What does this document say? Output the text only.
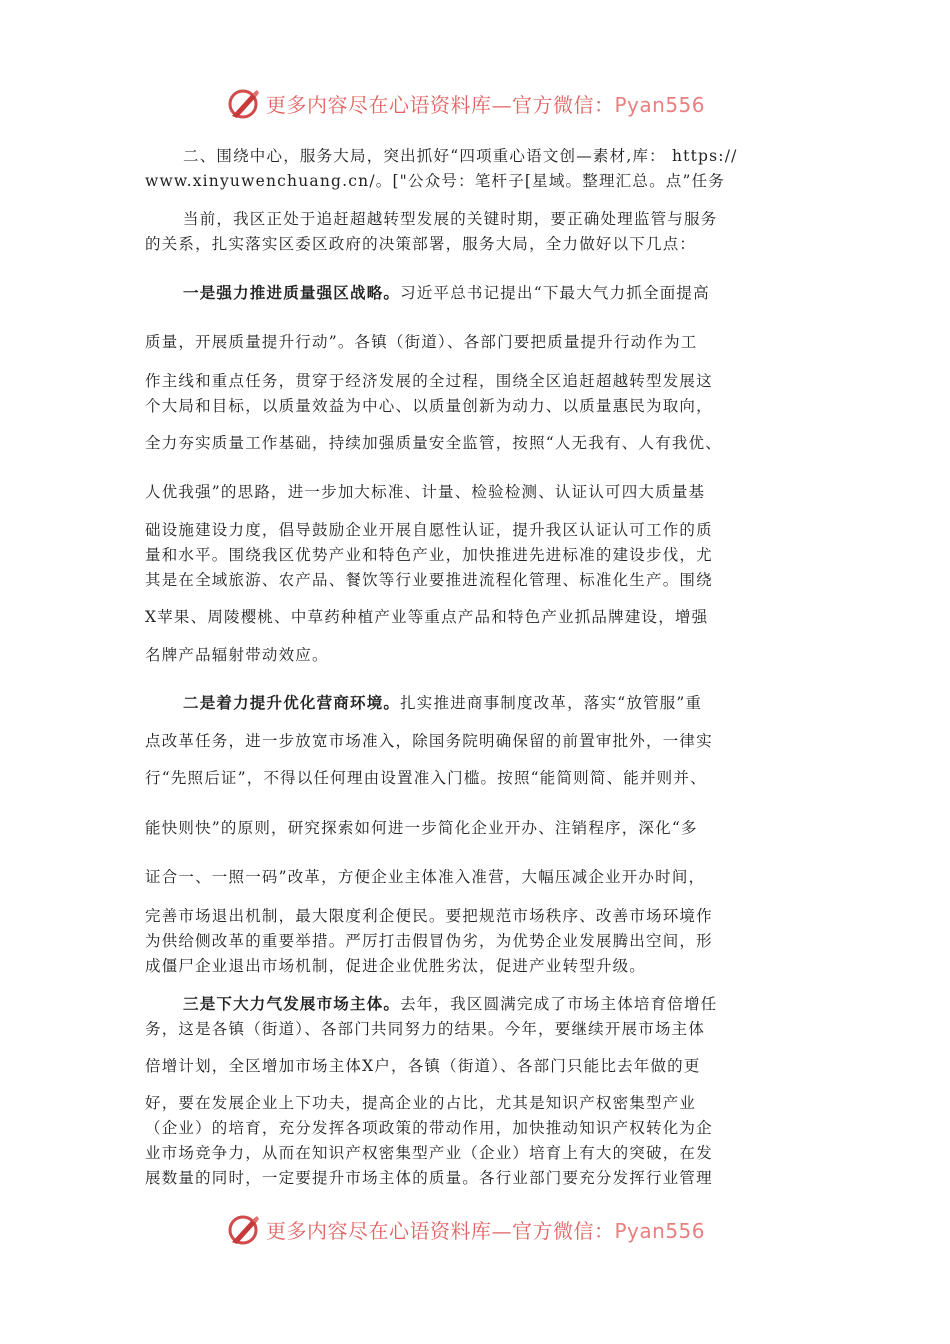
更多内容尽在心语资料库—官方微信：Pyan556
二、围绕中心，服务大局，突出抓好“四项重心语文创—素材,库： https://
www.xinyuwenchuang.cn/。["公众号：笔杆子[星域。整理汇总。点”任务
当前，我区正处于追赶超越转型发展的关键时期，要正确处理监管与服务
的关系，扎实落实区委区政府的决策部署，服务大局，全力做好以下几点：
一是强力推进质量强区战略。习近平总书记提出“下最大气力抓全面提高
质量，开展质量提升行动”。各镇（街道）、各部门要把质量提升行动作为工
作主线和重点任务，贯穿于经济发展的全过程，围绕全区追赶超越转型发展这
个大局和目标，以质量效益为中心、以质量创新为动力、以质量惠民为取向，
全力夯实质量工作基础，持续加强质量安全监管，按照“人无我有、人有我优、
人优我强”的思路，进一步加大标准、计量、检验检测、认证认可四大质量基
础设施建设力度，倡导鼓励企业开展自愿性认证，提升我区认证认可工作的质
量和水平。围绕我区优势产业和特色产业，加快推进先进标准的建设步伐，尤
其是在全域旅游、农产品、餐饮等行业要推进流程化管理、标准化生产。围绕
X苹果、周陵樱桃、中草药种植产业等重点产品和特色产业抓品牌建设，增强
名牌产品辐射带动效应。
二是着力提升优化营商环境。扎实推进商事制度改革，落实“放管服”重
点改革任务，进一步放宽市场准入，除国务院明确保留的前置审批外，一律实
行“先照后证”，不得以任何理由设置准入门槛。按照“能简则简、能并则并、
能快则快”的原则，研究探索如何进一步简化企业开办、注销程序，深化“多
证合一、一照一码”改革，方便企业主体准入准营，大幅压减企业开办时间，
完善市场退出机制，最大限度利企便民。要把规范市场秩序、改善市场环境作
为供给侧改革的重要举措。严厉打击假冒伪劣，为优势企业发展腾出空间，形
成僵尸企业退出市场机制，促进企业优胜劣汰，促进产业转型升级。
三是下大力气发展市场主体。去年，我区圆满完成了市场主体培育倍增任
务，这是各镇（街道）、各部门共同努力的结果。今年，要继续开展市场主体
倍增计划，全区增加市场主体X户，各镇（街道）、各部门只能比去年做的更
好，要在发展企业上下功夫，提高企业的占比，尤其是知识产权密集型产业
（企业）的培育，充分发挥各项政策的带动作用，加快推动知识产权转化为企
业市场竞争力，从而在知识产权密集型产业（企业）培育上有大的突破，在发
展数量的同时，一定要提升市场主体的质量。各行业部门要充分发挥行业管理
更多内容尽在心语资料库—官方微信：Pyan556
